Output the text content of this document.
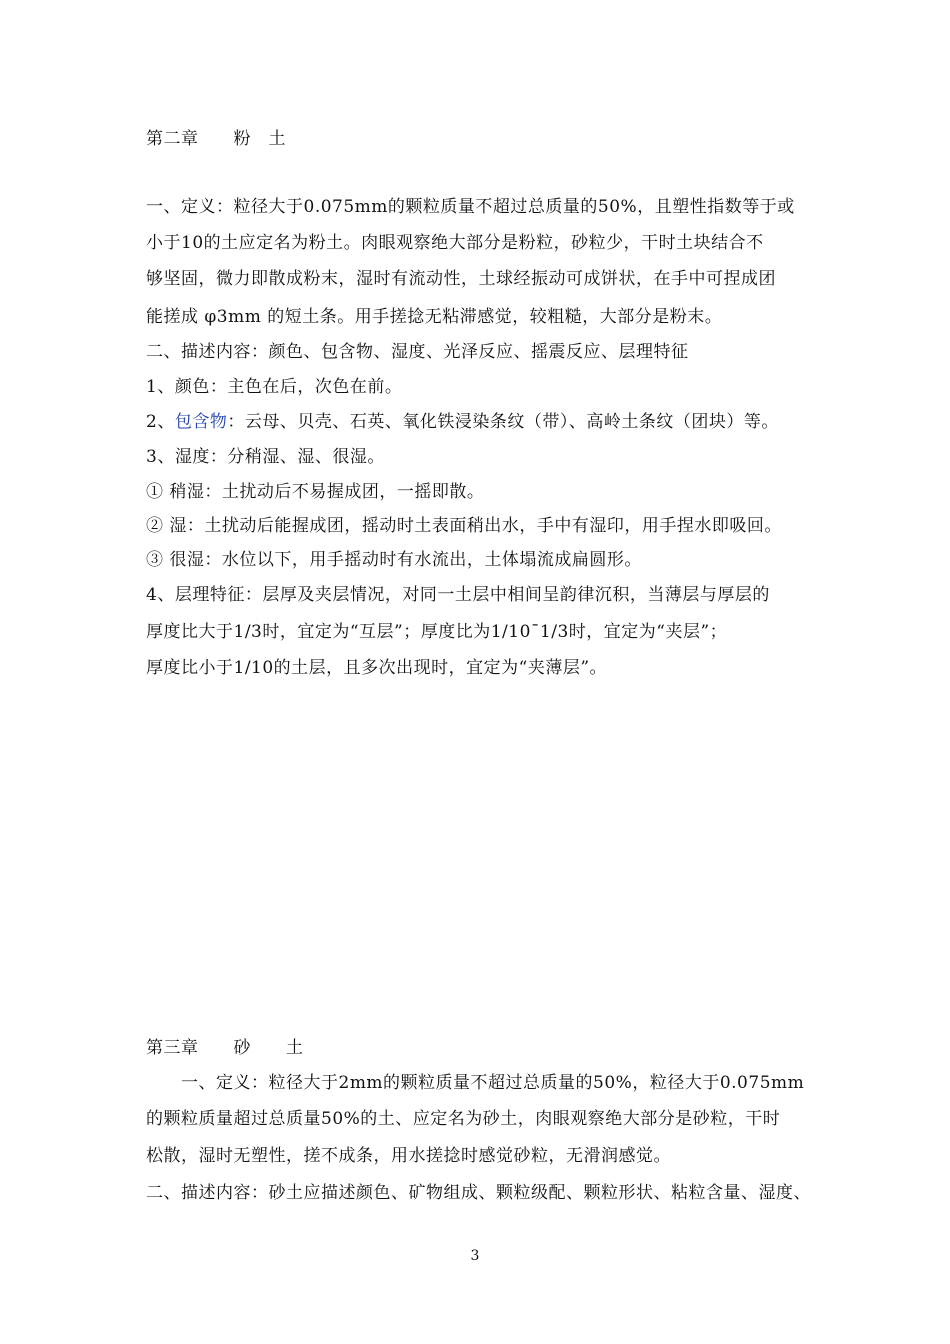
第二章　　粉　土
一、定义：粒径大于0.075mm的颗粒质量不超过总质量的50%，且塑性指数等于或
小于10的土应定名为粉土。肉眼观察绝大部分是粉粒，砂粒少，干时土块结合不
够坚固，微力即散成粉末，湿时有流动性，土球经振动可成饼状，在手中可捏成团
能搓成 φ3mm 的短土条。用手搓捻无粘滞感觉，较粗糙，大部分是粉末。
二、描述内容：颜色、包含物、湿度、光泽反应、摇震反应、层理特征
1、颜色：主色在后，次色在前。
2、包含物：云母、贝壳、石英、氧化铁浸染条纹（带）、高岭土条纹（团块）等。
3、湿度：分稍湿、湿、很湿。
① 稍湿：土扰动后不易握成团，一摇即散。
② 湿：土扰动后能握成团，摇动时土表面稍出水，手中有湿印，用手捏水即吸回。
③ 很湿：水位以下，用手摇动时有水流出，土体塌流成扁圆形。
4、层理特征：层厚及夹层情况，对同一土层中相间呈韵律沉积，当薄层与厚层的
厚度比大于1/3时，宜定为“互层”；厚度比为1/10¯1/3时，宜定为“夹层”；
厚度比小于1/10的土层，且多次出现时，宜定为“夹薄层”。
第三章　　砂　　土
　　一、定义：粒径大于2mm的颗粒质量不超过总质量的50%，粒径大于0.075mm
的颗粒质量超过总质量50%的土、应定名为砂土，肉眼观察绝大部分是砂粒，干时
松散，湿时无塑性，搓不成条，用水搓捻时感觉砂粒，无滑润感觉。
二、描述内容：砂土应描述颜色、矿物组成、颗粒级配、颗粒形状、粘粒含量、湿度、
3
